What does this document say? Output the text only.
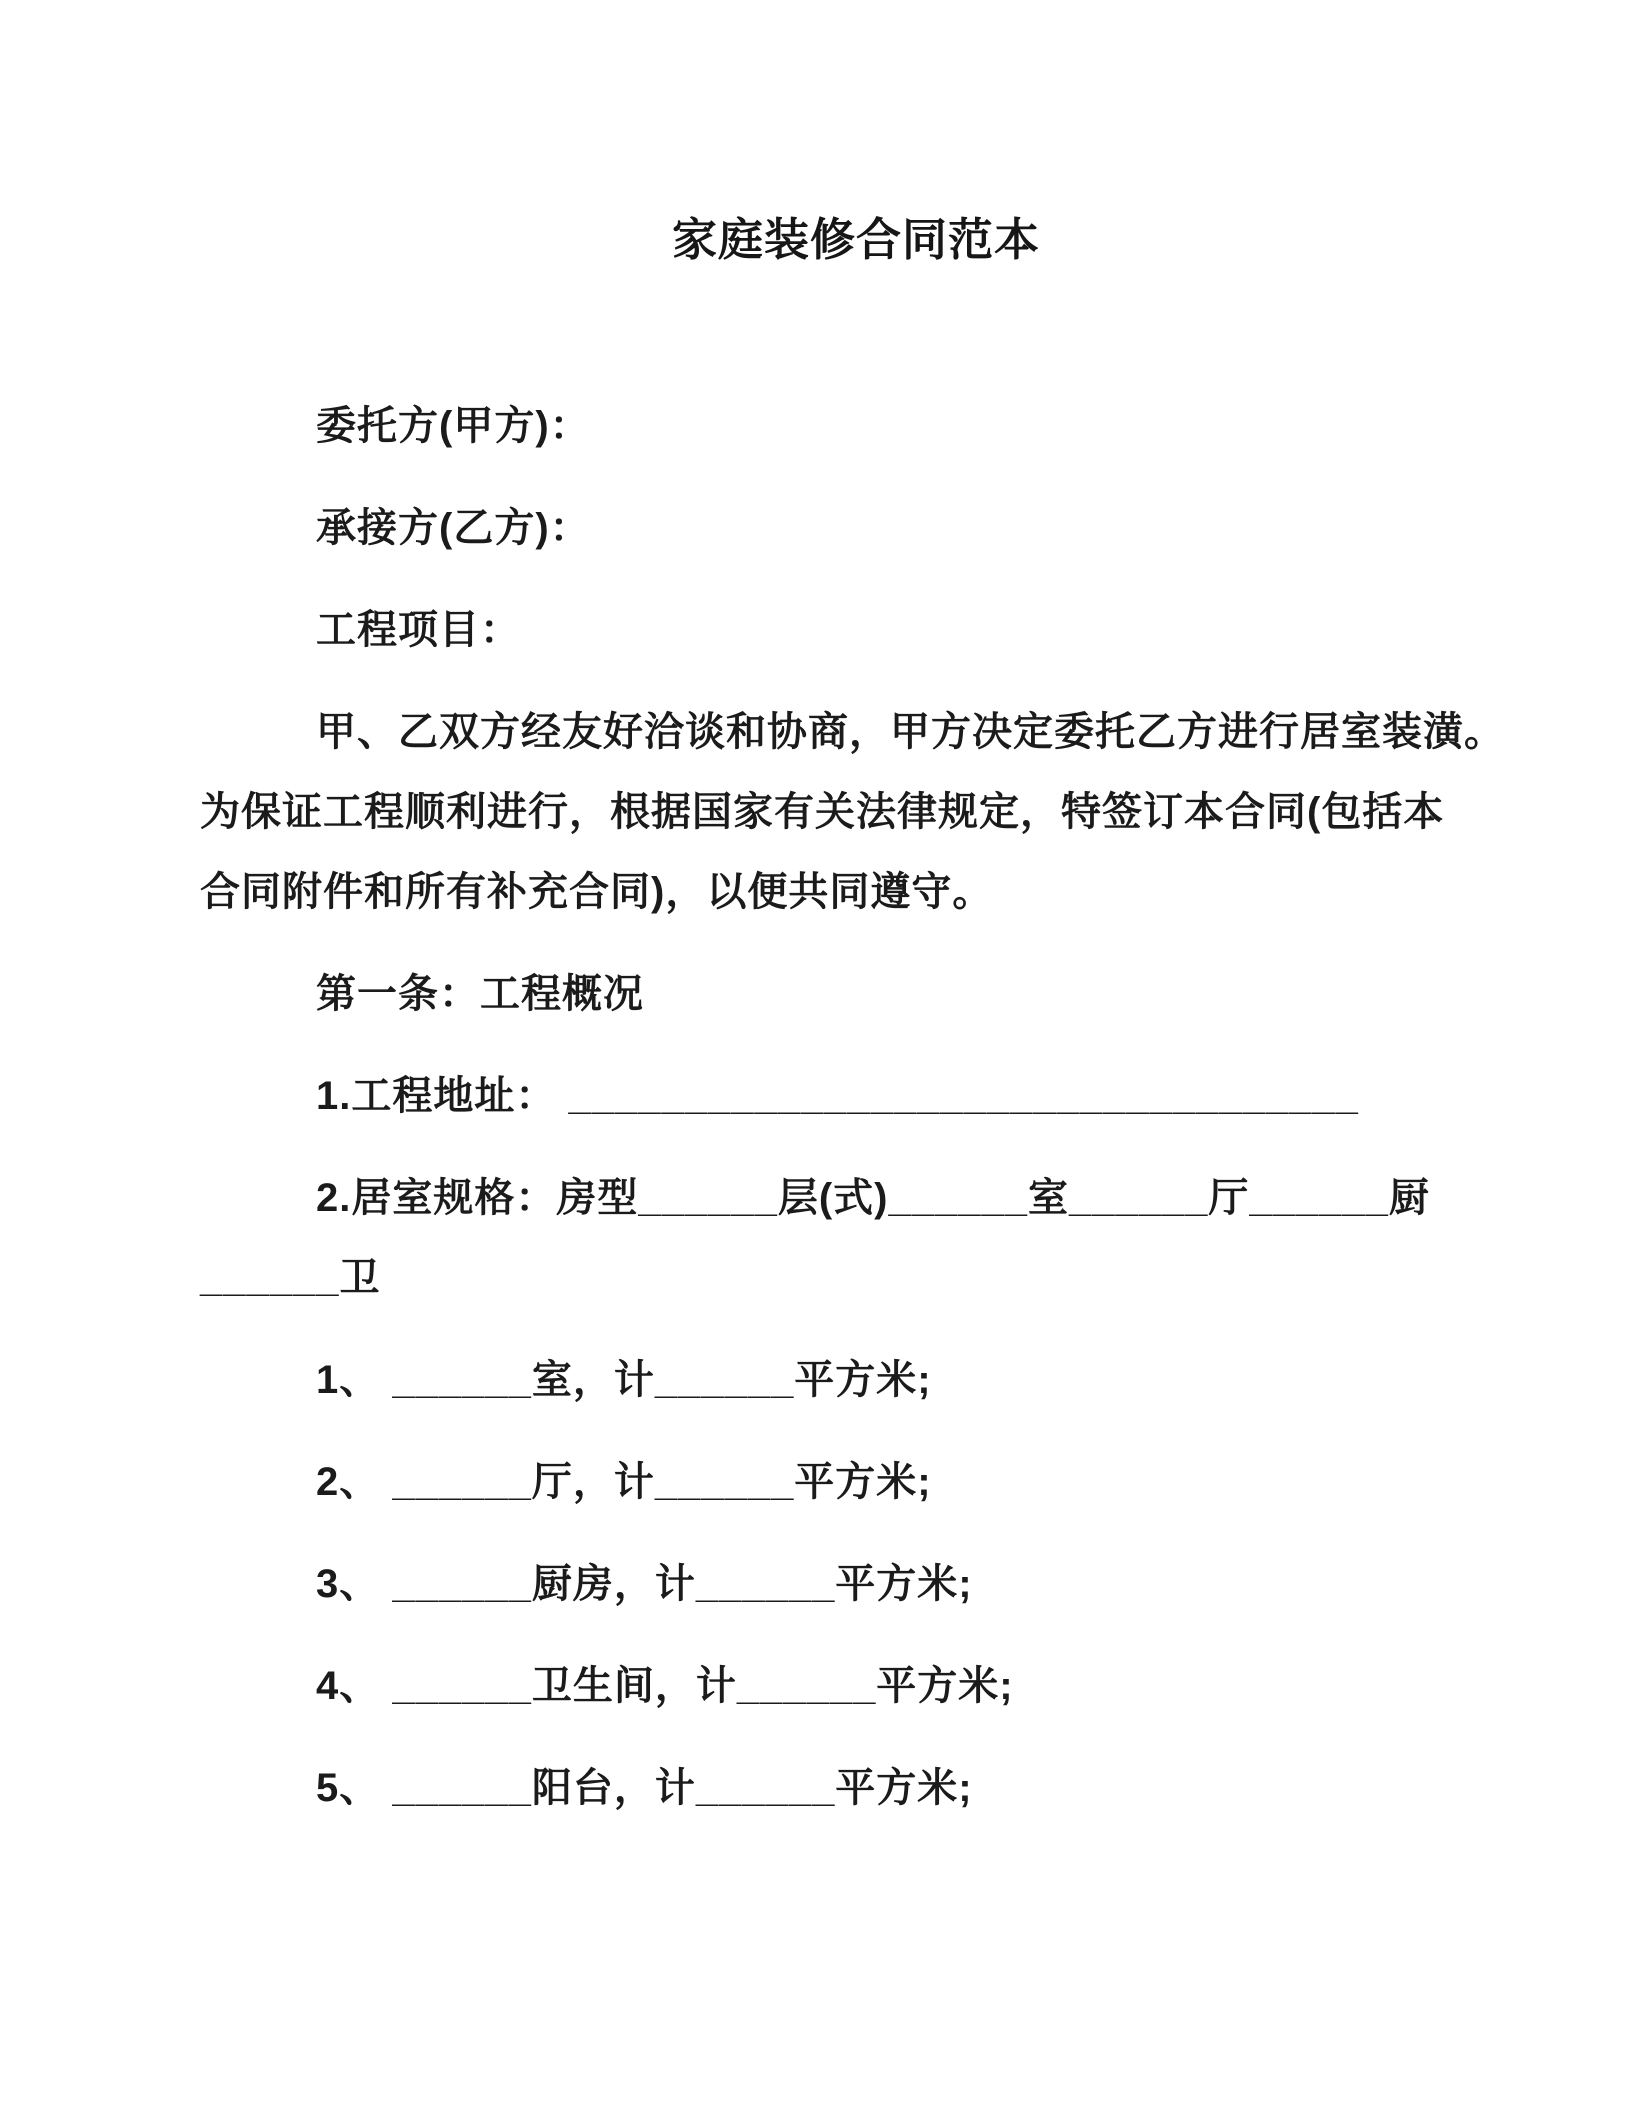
家庭装修合同范本

委托方(甲方)：

承接方(乙方)：

工程项目：

甲、乙双方经友好洽谈和协商，甲方决定委托乙方进行居室装潢。
为保证工程顺利进行，根据国家有关法律规定，特签订本合同(包括本
合同附件和所有补充合同)，以便共同遵守。

第一条：工程概况

1.工程地址： __________________________________

2.居室规格：房型______层(式)______室______厅______厨
______卫

1、 ______室，计______平方米;

2、 ______厅，计______平方米;

3、 ______厨房，计______平方米;

4、 ______卫生间，计______平方米;

5、 ______阳台，计______平方米;
